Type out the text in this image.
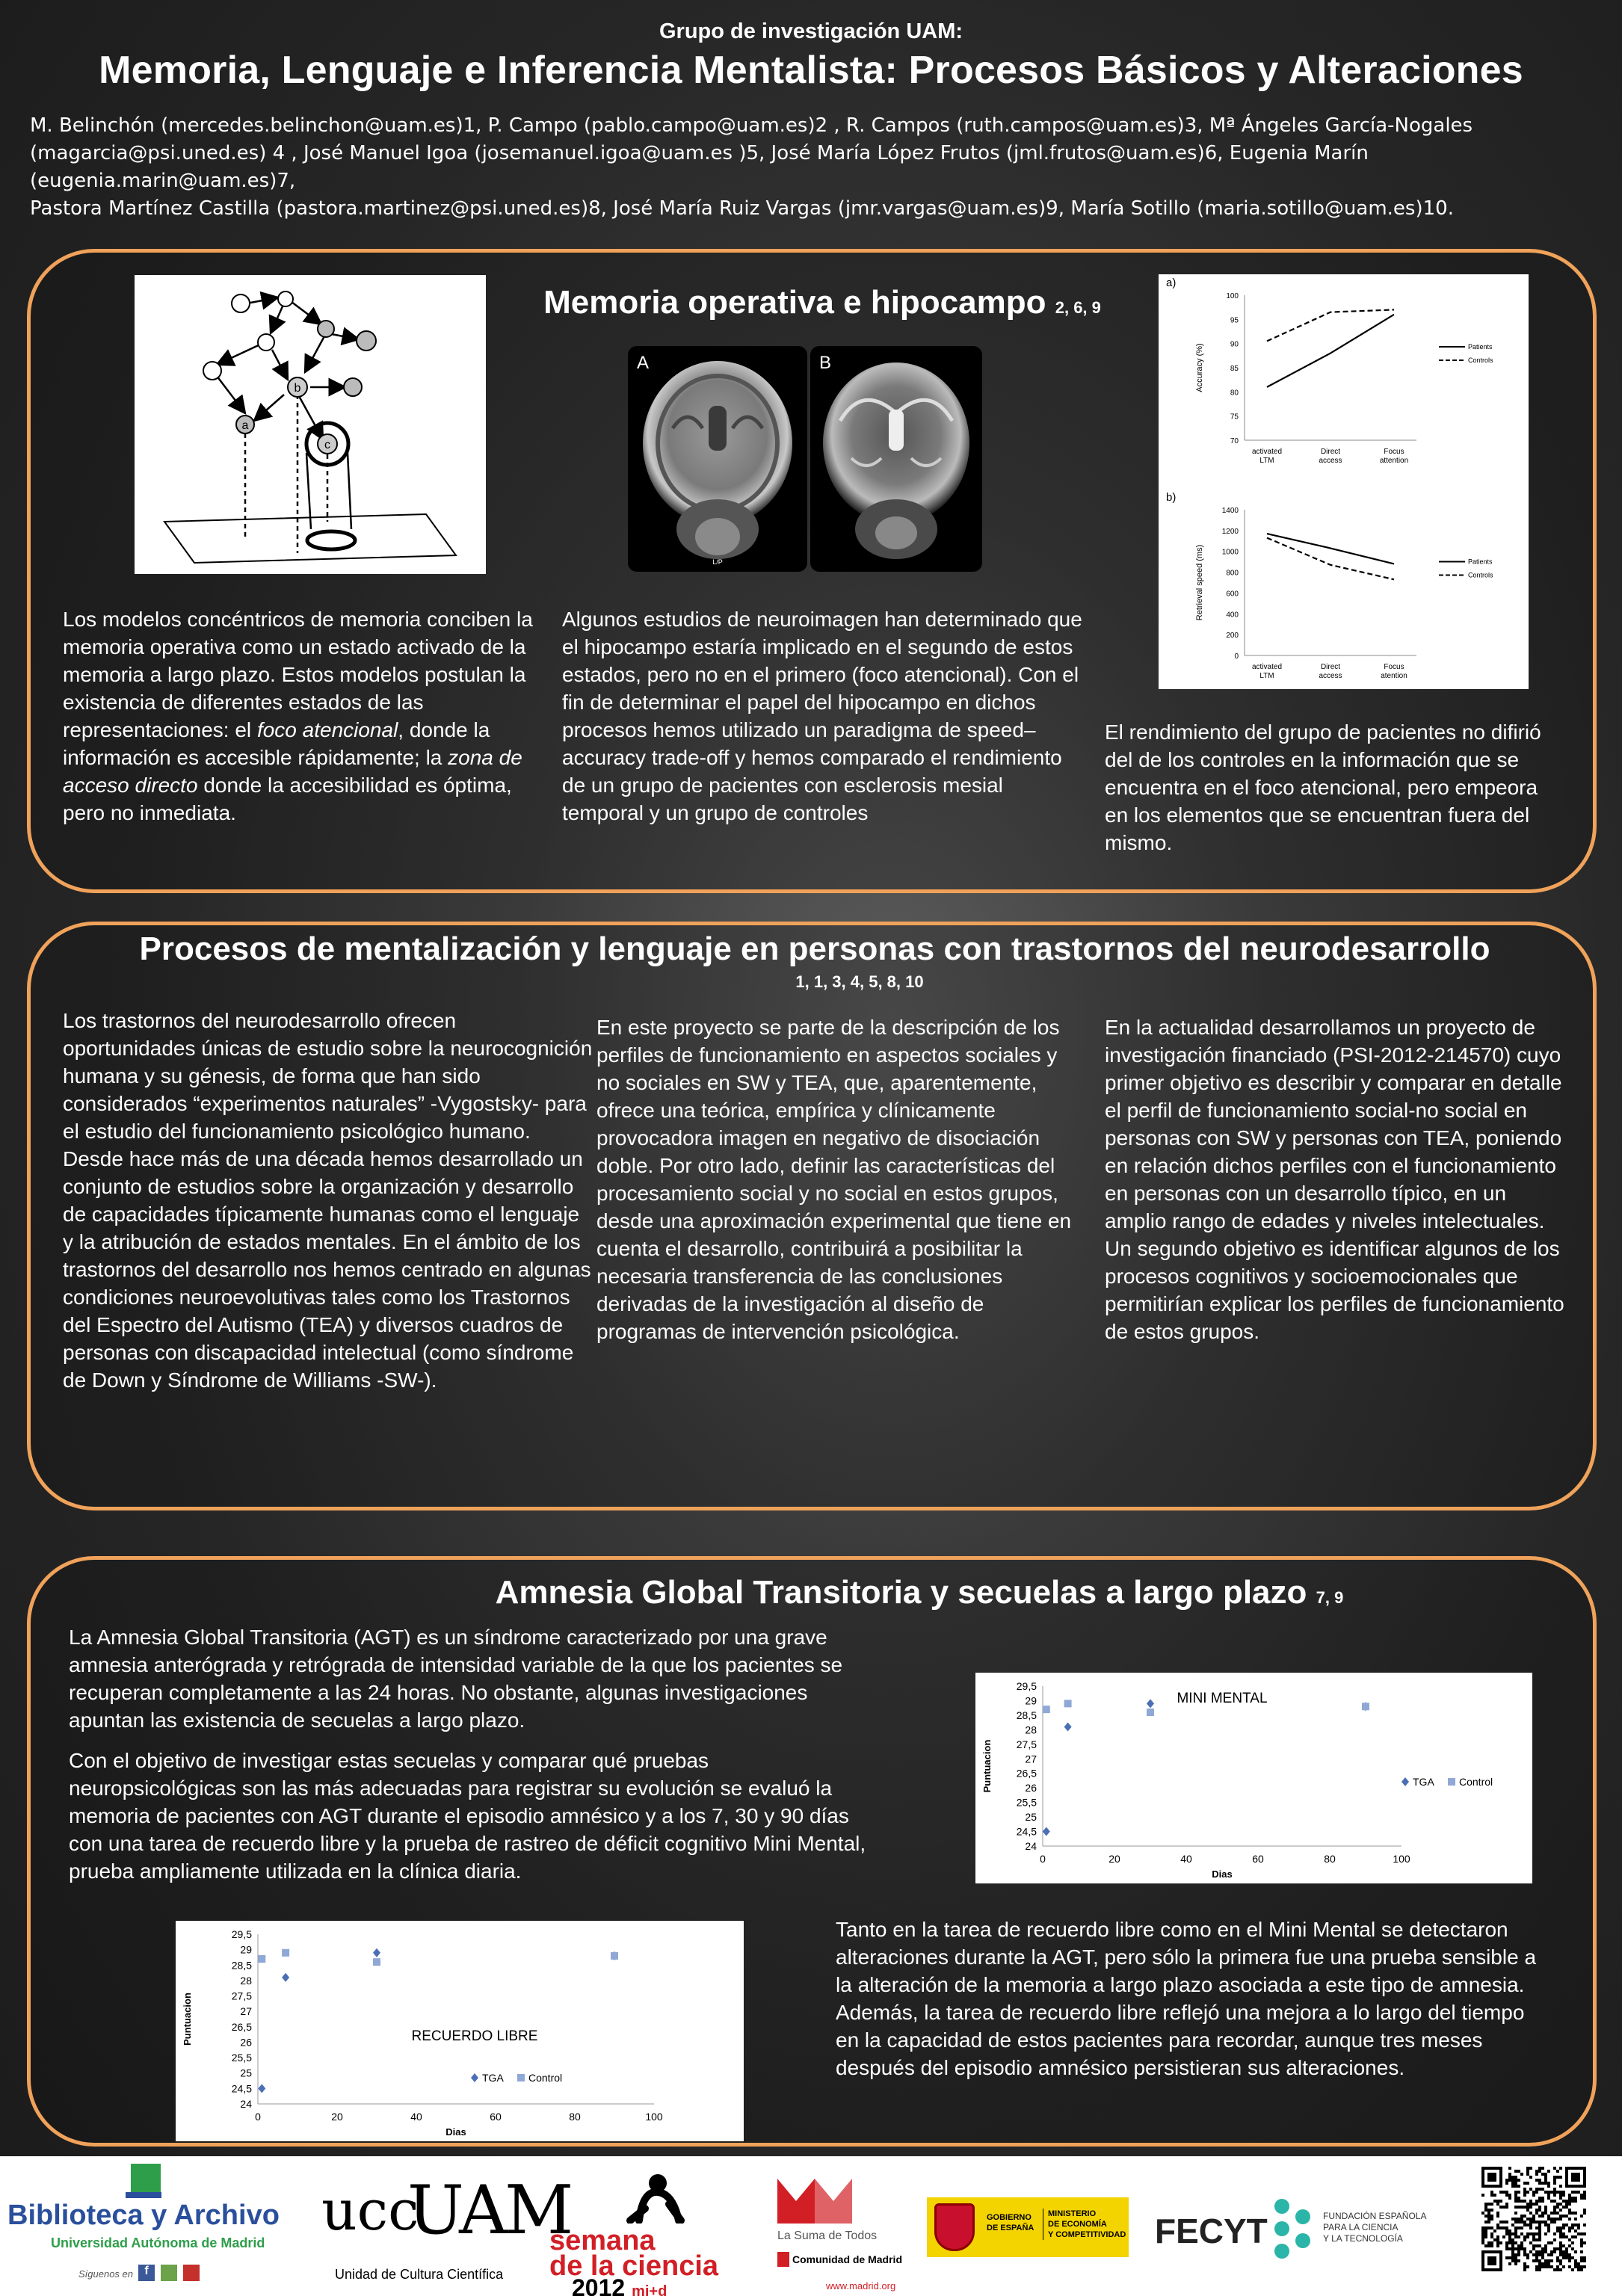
Grupo de investigación UAM:
Memoria, Lenguaje e Inferencia Mentalista: Procesos Básicos y Alteraciones
M. Belinchón (mercedes.belinchon@uam.es)1, P. Campo (pablo.campo@uam.es)2 , R. Campos (ruth.campos@uam.es)3, Mª Ángeles García-Nogales
(magarcia@psi.uned.es) 4 , José Manuel Igoa (josemanuel.igoa@uam.es )5, José María López Frutos (jml.frutos@uam.es)6, Eugenia Marín (eugenia.marin@uam.es)7,
Pastora Martínez Castilla (pastora.martinez@psi.uned.es)8, José María Ruiz Vargas (jmr.vargas@uam.es)9, María Sotillo (maria.sotillo@uam.es)10.
Memoria operativa e hipocampo 2, 6, 9
b
a
c
A
L/P
B
a)
70
75
80
85
90
95
100
Accuracy (%)
activated
LTM
Direct
access
Focus
attention
Patients
Controls
b)
0
200
400
600
800
1000
1200
1400
Retrieval speed (ms)
activated
LTM
Direct
access
Focus
atention
Patients
Controls
Los modelos concéntricos de memoria conciben la memoria operativa como un estado activado de la memoria a largo plazo. Estos modelos postulan la existencia de diferentes estados de las representaciones: el foco atencional, donde la información es accesible rápidamente; la zona de acceso directo donde la accesibilidad es óptima, pero no inmediata.
Algunos estudios de neuroimagen han determinado que el hipocampo estaría implicado en el segundo de estos estados, pero no en el primero (foco atencional). Con el fin de determinar el papel del hipocampo en dichos procesos hemos utilizado un paradigma de speed–accuracy trade-off y hemos comparado el rendimiento de un grupo de pacientes con esclerosis mesial temporal y un grupo de controles
El rendimiento del grupo de pacientes no difirió del de los controles en la información que se encuentra en el foco atencional, pero empeora en los elementos que se encuentran fuera del mismo.
Procesos de mentalización y lenguaje en personas con trastornos del neurodesarrollo
1, 1, 3, 4, 5, 8, 10
Los trastornos del neurodesarrollo ofrecen oportunidades únicas de estudio sobre la neurocognición humana y su génesis, de forma que han sido considerados “experimentos naturales” -Vygostsky- para el estudio del funcionamiento psicológico humano.
Desde hace más de una década hemos desarrollado un conjunto de estudios sobre la organización y desarrollo de capacidades típicamente humanas como el lenguaje y la atribución de estados mentales. En el ámbito de los trastornos del desarrollo nos hemos centrado en algunas condiciones neuroevolutivas tales como los Trastornos del Espectro del Autismo (TEA) y diversos cuadros de personas con discapacidad intelectual (como síndrome de Down y Síndrome de Williams -SW-).
En este proyecto se parte de la descripción de los perfiles de funcionamiento en aspectos sociales y no sociales en SW y TEA, que, aparentemente, ofrece una teórica, empírica y clínicamente provocadora imagen en negativo de disociación doble. Por otro lado, definir las características del procesamiento social y no social en estos grupos, desde una aproximación experimental que tiene en cuenta el desarrollo, contribuirá a posibilitar la necesaria transferencia de las conclusiones derivadas de la investigación al diseño de programas de intervención psicológica.
En la actualidad desarrollamos un proyecto de investigación financiado (PSI-2012-214570) cuyo primer objetivo es describir y comparar en detalle el perfil de funcionamiento social-no social en personas con SW y personas con TEA, poniendo en relación dichos perfiles con el funcionamiento en personas con un desarrollo típico, en un amplio rango de edades y niveles intelectuales. Un segundo objetivo es identificar algunos de los procesos cognitivos y socioemocionales que permitirían explicar los perfiles de funcionamiento de estos grupos.
Amnesia Global Transitoria y secuelas a largo plazo 7, 9
La Amnesia Global Transitoria (AGT) es un síndrome caracterizado por una grave amnesia anterógrada y retrógrada de intensidad variable de la que los pacientes se recuperan completamente a las 24 horas. No obstante, algunas investigaciones apuntan las existencia de secuelas a largo plazo.
Con el objetivo de investigar estas secuelas y comparar qué pruebas neuropsicológicas son las más adecuadas para registrar su evolución se evaluó la memoria de pacientes con AGT durante el episodio amnésico y a los 7, 30 y 90 días con una tarea de recuerdo libre y la prueba de rastreo de déficit cognitivo Mini Mental, prueba ampliamente utilizada en la clínica diaria.
Tanto en la tarea de recuerdo libre como en el Mini Mental se detectaron alteraciones durante la AGT, pero sólo la primera fue una prueba sensible a la alteración de la memoria a largo plazo asociada a este tipo de amnesia. Además, la tarea de recuerdo libre reflejó una mejora a lo largo del tiempo en la capacidad de estos pacientes para recordar, aunque tres meses después del episodio amnésico persistieran sus alteraciones.
24
24,5
25
25,5
26
26,5
27
27,5
28
28,5
29
29,5
0	20	40	60	80	100
Dias
Puntuacion
MINI MENTAL
TGA Control
24
24,5
25
25,5
26
26,5
27
27,5
28
28,5
29
29,5
0	20	40	60	80	100
Dias
Puntuacion	RECUERDO LIBRE
TGA Control
Biblioteca y Archivo
Universidad Autónoma de Madrid
Síguenos en f
ucc
UAM
Unidad de Cultura Científica
semana
de la ciencia
2012 mi+d
La Suma de Todos
Comunidad de Madrid
www.madrid.org
GOBIERNO
DE ESPAÑA
MINISTERIO
DE ECONOMÍA
Y COMPETITIVIDAD FECYT	FUNDACIÓN ESPAÑOLA
PARA LA CIENCIA
Y LA TECNOLOGÍA
